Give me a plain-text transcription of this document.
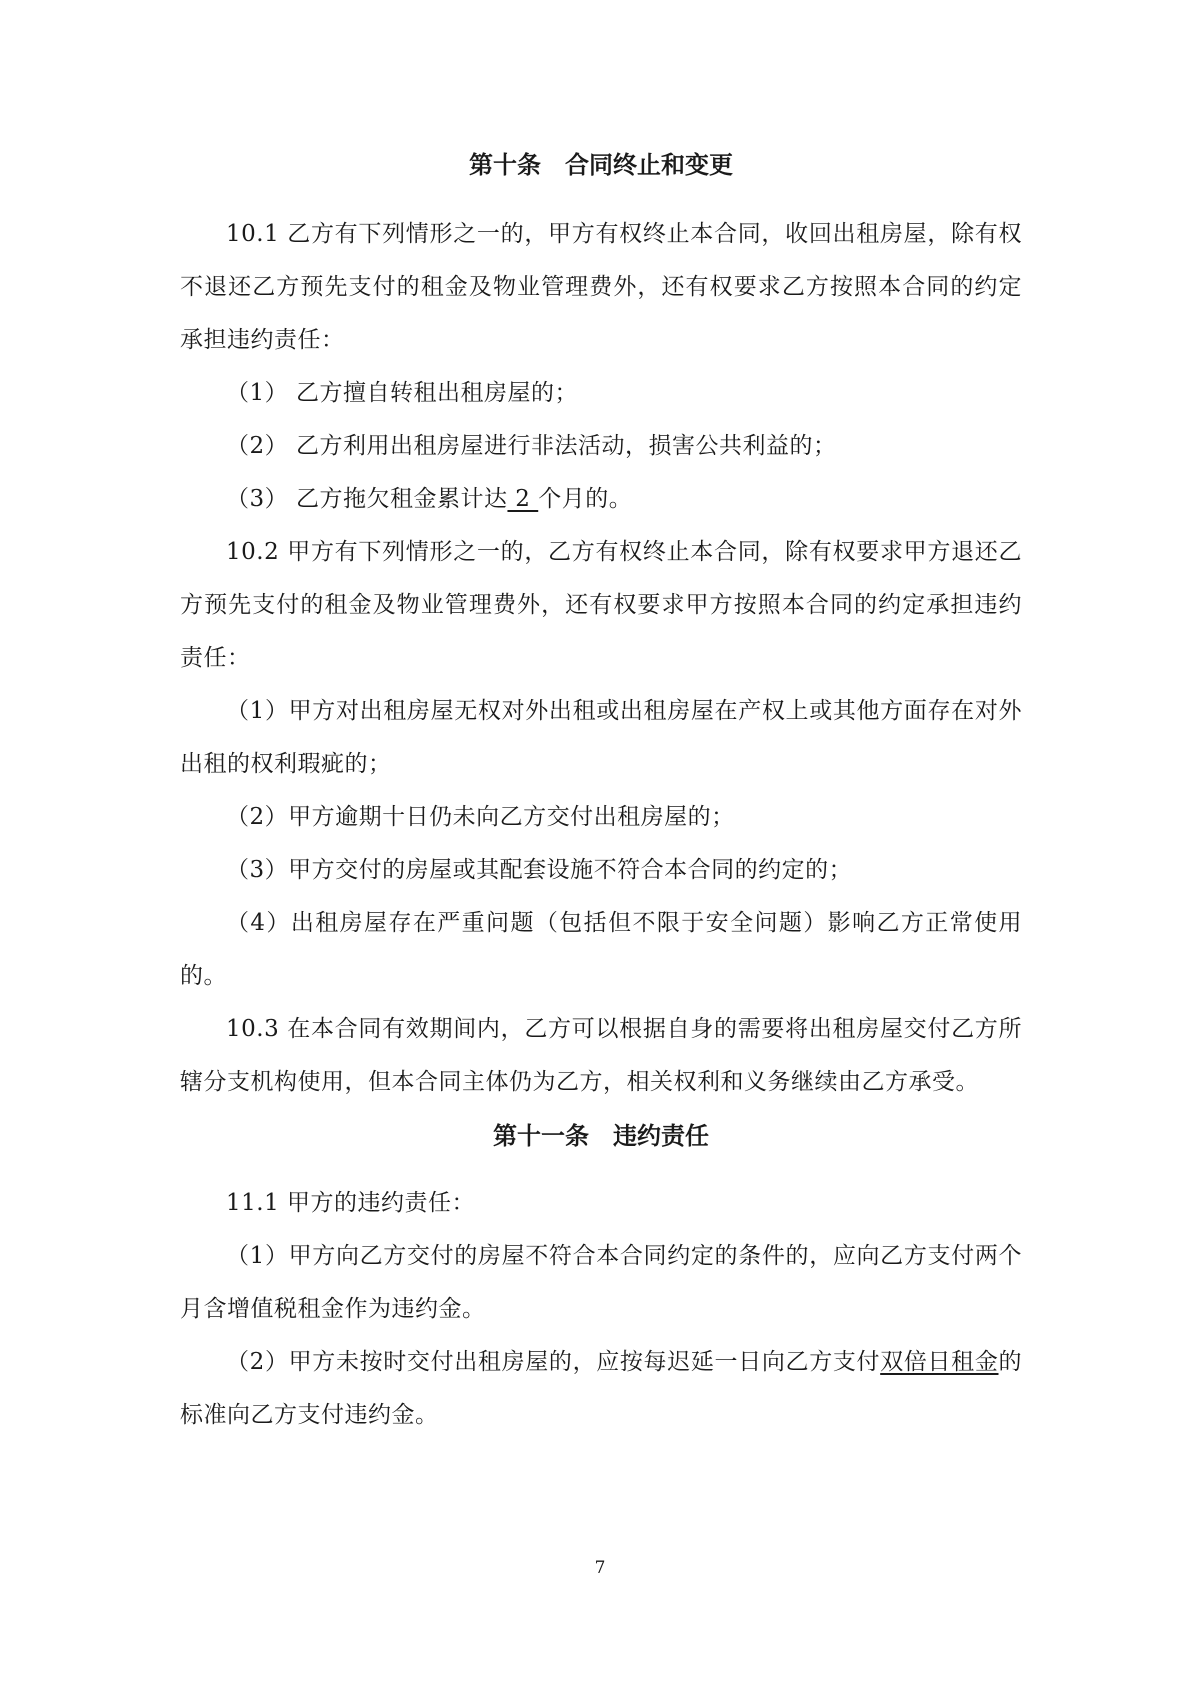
第十条　合同终止和变更

10.1 乙方有下列情形之一的，甲方有权终止本合同，收回出租房屋，除有权不退还乙方预先支付的租金及物业管理费外，还有权要求乙方按照本合同的约定承担违约责任：

（1） 乙方擅自转租出租房屋的；

（2） 乙方利用出租房屋进行非法活动，损害公共利益的；

（3） 乙方拖欠租金累计达 2 个月的。

10.2 甲方有下列情形之一的，乙方有权终止本合同，除有权要求甲方退还乙方预先支付的租金及物业管理费外，还有权要求甲方按照本合同的约定承担违约责任：

（1）甲方对出租房屋无权对外出租或出租房屋在产权上或其他方面存在对外出租的权利瑕疵的；

（2）甲方逾期十日仍未向乙方交付出租房屋的；

（3）甲方交付的房屋或其配套设施不符合本合同的约定的；

（4）出租房屋存在严重问题（包括但不限于安全问题）影响乙方正常使用的。

10.3 在本合同有效期间内，乙方可以根据自身的需要将出租房屋交付乙方所辖分支机构使用，但本合同主体仍为乙方，相关权利和义务继续由乙方承受。

第十一条　违约责任

11.1 甲方的违约责任：

（1）甲方向乙方交付的房屋不符合本合同约定的条件的，应向乙方支付两个月含增值税租金作为违约金。

（2）甲方未按时交付出租房屋的，应按每迟延一日向乙方支付双倍日租金的标准向乙方支付违约金。

7
